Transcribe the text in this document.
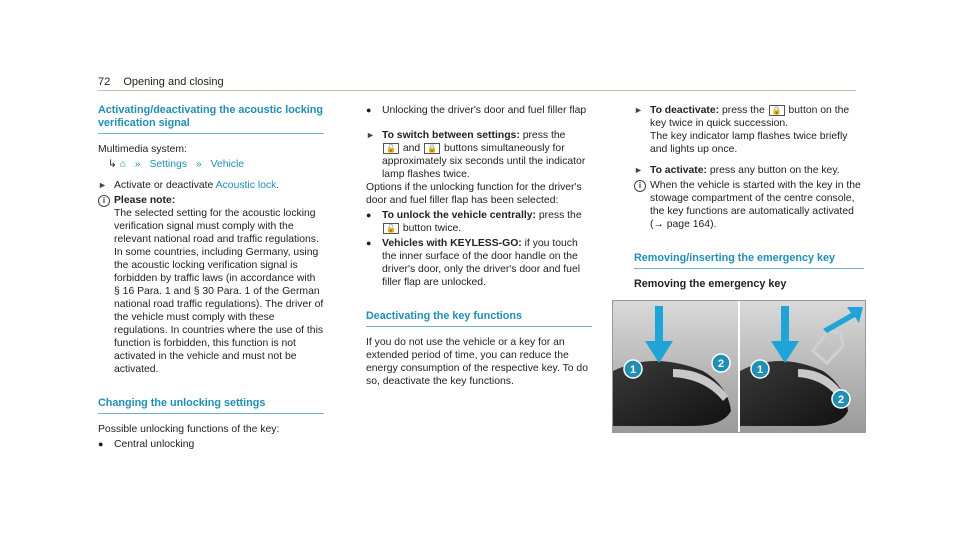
72 Opening and closing
Activating/deactivating the acoustic locking verification signal

Multimedia system:

↳ ⌂ » Settings » Vehicle
► Activate or deactivate Acoustic lock.
i Please note:
The selected setting for the acoustic locking verification signal must comply with the relevant national road and traffic regulations. In some countries, including Germany, using the acoustic locking verification signal is forbidden by traffic laws (in accordance with § 16 Para. 1 and § 30 Para. 1 of the German national road traffic regulations). The driver of the vehicle must comply with these regulations. In countries where the use of this function is forbidden, this function is not activated in the vehicle and must not be activated.
Changing the unlocking settings

Possible unlocking functions of the key:

●	Central unlocking
●	Unlocking the driver's door and fuel filler flap
► To switch between settings: press the
🔓 and 🔒 buttons simultaneously for approximately six seconds until the indicator lamp flashes twice.

Options if the unlocking function for the driver's door and fuel filler flap has been selected:

●	To unlock the vehicle centrally: press the
🔓 button twice.
●	Vehicles with KEYLESS-GO: if you touch the inner surface of the door handle on the driver's door, only the driver's door and fuel filler flap are unlocked.
Deactivating the key functions

If you do not use the vehicle or a key for an extended period of time, you can reduce the energy consumption of the respective key. To do so, deactivate the key functions.

► To deactivate: press the 🔒 button on the key twice in quick succession.
The key indicator lamp flashes twice briefly and lights up once.
► To activate: press any button on the key.
i When the vehicle is started with the key in the stowage compartment of the centre console, the key functions are automatically activated (→ page 164).
Removing/inserting the emergency key
Removing the emergency key
1	2	1
2
